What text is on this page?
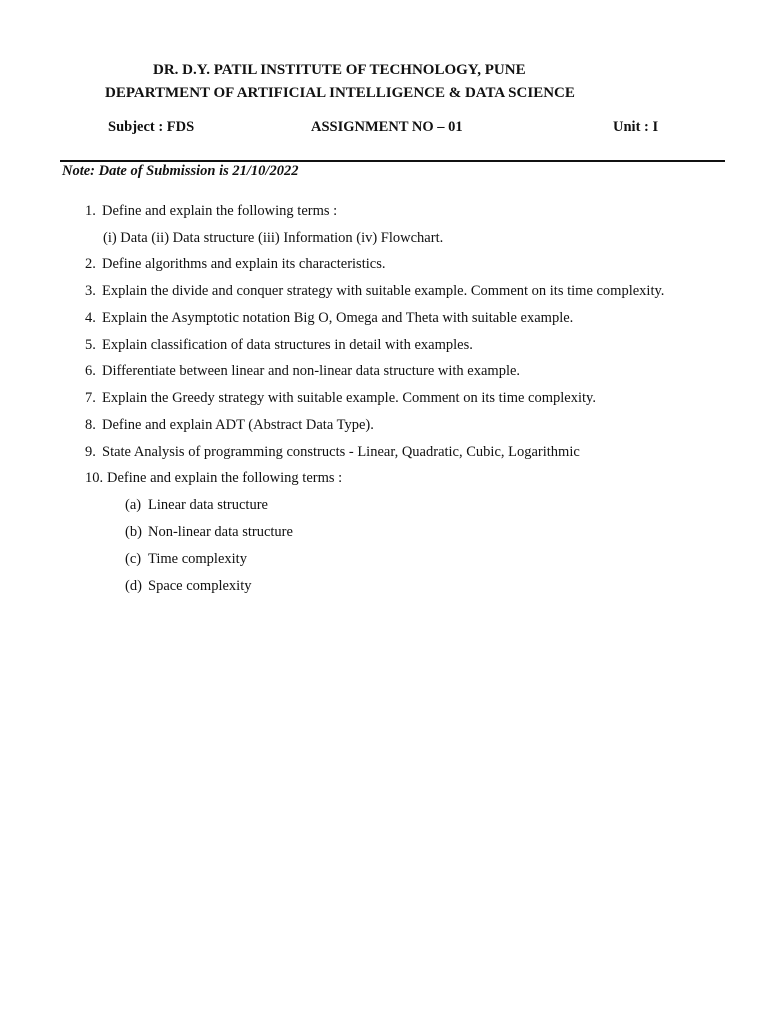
DR. D.Y. PATIL INSTITUTE OF TECHNOLOGY, PUNE
DEPARTMENT OF ARTIFICIAL INTELLIGENCE & DATA SCIENCE
Subject : FDS	ASSIGNMENT NO – 01	Unit : I
Note: Date of Submission is 21/10/2022
1. Define and explain the following terms :
(i) Data (ii) Data structure (iii) Information (iv) Flowchart.
2. Define algorithms and explain its characteristics.
3. Explain the divide and conquer strategy with suitable example. Comment on its time complexity.
4. Explain the Asymptotic notation Big O, Omega and Theta with suitable example.
5. Explain classification of data structures in detail with examples.
6. Differentiate between linear and non-linear data structure with example.
7. Explain the Greedy strategy with suitable example. Comment on its time complexity.
8. Define and explain ADT (Abstract Data Type).
9. State Analysis of programming constructs - Linear, Quadratic, Cubic, Logarithmic
10. Define and explain the following terms :
(a) Linear data structure
(b) Non-linear data structure
(c) Time complexity
(d) Space complexity
